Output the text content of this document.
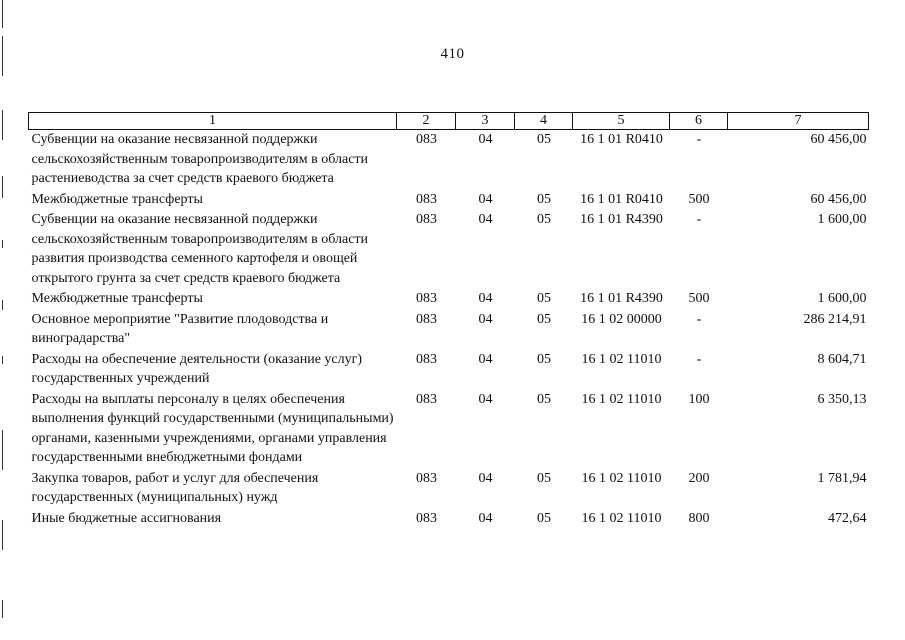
410
1	2	3	4	5	6	7
Субвенции на оказание несвязанной поддержки сельскохозяйственным товаропроизводителям в области растениеводства за счет средств краевого бюджета	083	04	05	16 1 01 R0410	-	60 456,00
Межбюджетные трансферты	083	04	05	16 1 01 R0410	500	60 456,00
Субвенции на оказание несвязанной поддержки сельскохозяйственным товаропроизводителям в области развития производства семенного картофеля и овощей открытого грунта за счет средств краевого бюджета	083	04	05	16 1 01 R4390	-	1 600,00
Межбюджетные трансферты	083	04	05	16 1 01 R4390	500	1 600,00
Основное мероприятие "Развитие плодоводства и виноградарства"	083	04	05	16 1 02 00000	-	286 214,91
Расходы на обеспечение деятельности (оказание услуг) государственных учреждений	083	04	05	16 1 02 11010	-	8 604,71
Расходы на выплаты персоналу в целях обеспечения выполнения функций государственными (муниципальными) органами, казенными учреждениями, органами управления государственными внебюджетными фондами	083	04	05	16 1 02 11010	100	6 350,13
Закупка товаров, работ и услуг для обеспечения государственных (муниципальных) нужд	083	04	05	16 1 02 11010	200	1 781,94
Иные бюджетные ассигнования	083	04	05	16 1 02 11010	800	472,64
